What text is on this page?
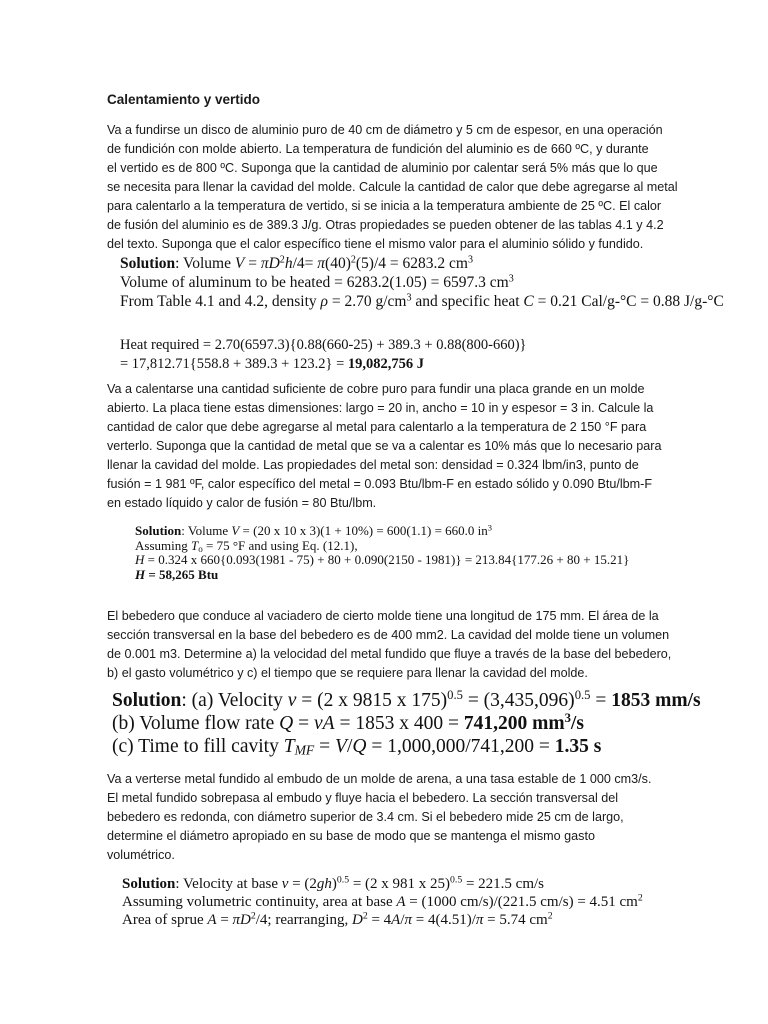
Calentamiento y vertido
Va a fundirse un disco de aluminio puro de 40 cm de diámetro y 5 cm de espesor, en una operación
de fundición con molde abierto. La temperatura de fundición del aluminio es de 660 ºC, y durante
el vertido es de 800 ºC. Suponga que la cantidad de aluminio por calentar será 5% más que lo que
se necesita para llenar la cavidad del molde. Calcule la cantidad de calor que debe agregarse al metal
para calentarlo a la temperatura de vertido, si se inicia a la temperatura ambiente de 25 ºC. El calor
de fusión del aluminio es de 389.3 J/g. Otras propiedades se pueden obtener de las tablas 4.1 y 4.2
del texto. Suponga que el calor específico tiene el mismo valor para el aluminio sólido y fundido.
Solution: Volume $V = \pi D^2h/4= \pi(40)^2(5)/4 = 6283.2$ $cm^3$
Volume of aluminum to be heated = 6283.2(1.05) = 6597.3 $cm^3$
From Table 4.1 and 4.2, density ρ = 2.70 $g/cm^3$ and specific heat C = 0.21 Cal/g-°C = 0.88 J/g-°C
Heat required = 2.70(6597.3){0.88(660-25) + 389.3 + 0.88(800-660)}
= 17,812.71{558.8 + 389.3 + 123.2} = 19,082,756 J
Va a calentarse una cantidad suficiente de cobre puro para fundir una placa grande en un molde
abierto. La placa tiene estas dimensiones: largo = 20 in, ancho = 10 in y espesor = 3 in. Calcule la
cantidad de calor que debe agregarse al metal para calentarlo a la temperatura de 2 150 °F para
verterlo. Suponga que la cantidad de metal que se va a calentar es 10% más que lo necesario para
llenar la cavidad del molde. Las propiedades del metal son: densidad = 0.324 lbm/in3, punto de
fusión = 1 981 ºF, calor específico del metal = 0.093 Btu/lbm-F en estado sólido y 0.090 Btu/lbm-F
en estado líquido y calor de fusión = 80 Btu/lbm.
Solution: Volume V = (20 x 10 x 3)(1 + 10%) = 600(1.1) = 660.0 $in^3$
Assuming $T_o = 75$ °F and using Eq. (12.1),
H = 0.324 x 660{0.093(1981 - 75) + 80 + 0.090(2150 - 1981)} = 213.84{177.26 + 80 + 15.21}
H = 58,265 Btu
El bebedero que conduce al vaciadero de cierto molde tiene una longitud de 175 mm. El área de la
sección transversal en la base del bebedero es de 400 mm2. La cavidad del molde tiene un volumen
de 0.001 m3. Determine a) la velocidad del metal fundido que fluye a través de la base del bebedero,
b) el gasto volumétrico y c) el tiempo que se requiere para llenar la cavidad del molde.
Solution: (a) Velocity v = (2 x 9815 x $175)^{0.5} = (3,435,096)^{0.5} = 1853$ mm/s
(b) Volume flow rate Q = vA = 1853 x 400 = 741,200 $mm^3/s$
(c) Time to fill cavity $T_{MF} = V/Q = 1,000,000/741,200 = 1.35$ s
Va a verterse metal fundido al embudo de un molde de arena, a una tasa estable de 1 000 cm3/s.
El metal fundido sobrepasa al embudo y fluye hacia el bebedero. La sección transversal del
bebedero es redonda, con diámetro superior de 3.4 cm. Si el bebedero mide 25 cm de largo,
determine el diámetro apropiado en su base de modo que se mantenga el mismo gasto
volumétrico.
Solution: Velocity at base $v = (2gh)^{0.5} = (2$ x 981 x 25)$^{0.5}$ = 221.5 cm/s
Assuming volumetric continuity, area at base A = (1000 cm/s)/(221.5 cm/s) = 4.51 $cm^2$
Area of sprue $A = \pi D^2/4$; rearranging, $D^2 = 4A/\pi = 4(4.51)/\pi = 5.74$ $cm^2$
